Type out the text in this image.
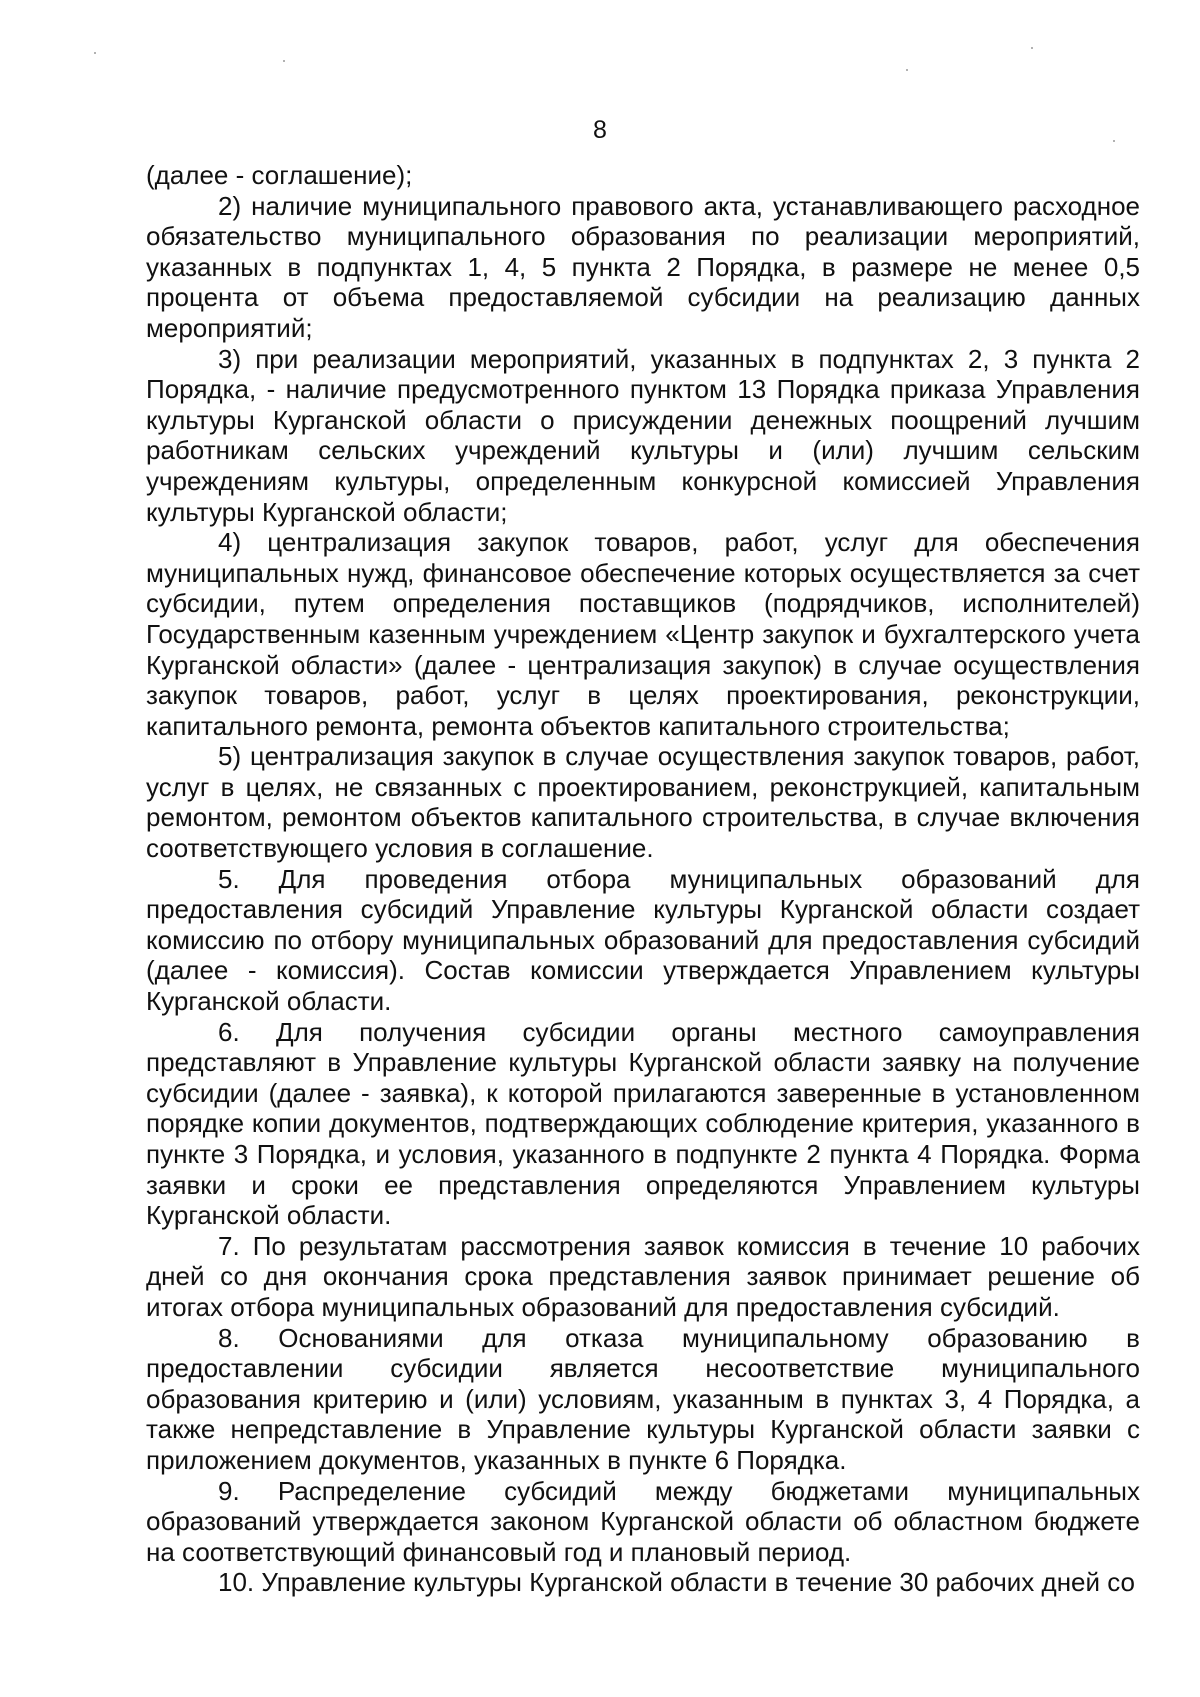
8

(далее - соглашение);

2) наличие муниципального правового акта, устанавливающего расходное обязательство муниципального образования по реализации мероприятий, указанных в подпунктах 1, 4, 5 пункта 2 Порядка, в размере не менее 0,5 процента от объема предоставляемой субсидии на реализацию данных мероприятий;

3) при реализации мероприятий, указанных в подпунктах 2, 3 пункта 2 Порядка, - наличие предусмотренного пунктом 13 Порядка приказа Управления культуры Курганской области о присуждении денежных поощрений лучшим работникам сельских учреждений культуры и (или) лучшим сельским учреждениям культуры, определенным конкурсной комиссией Управления культуры Курганской области;

4) централизация закупок товаров, работ, услуг для обеспечения муниципальных нужд, финансовое обеспечение которых осуществляется за счет субсидии, путем определения поставщиков (подрядчиков, исполнителей) Государственным казенным учреждением «Центр закупок и бухгалтерского учета Курганской области» (далее - централизация закупок) в случае осуществления закупок товаров, работ, услуг в целях проектирования, реконструкции, капитального ремонта, ремонта объектов капитального строительства;

5) централизация закупок в случае осуществления закупок товаров, работ, услуг в целях, не связанных с проектированием, реконструкцией, капитальным ремонтом, ремонтом объектов капитального строительства, в случае включения соответствующего условия в соглашение.

5. Для проведения отбора муниципальных образований для предоставления субсидий Управление культуры Курганской области создает комиссию по отбору муниципальных образований для предоставления субсидий (далее - комиссия). Состав комиссии утверждается Управлением культуры Курганской области.

6. Для получения субсидии органы местного самоуправления представляют в Управление культуры Курганской области заявку на получение субсидии (далее - заявка), к которой прилагаются заверенные в установленном порядке копии документов, подтверждающих соблюдение критерия, указанного в пункте 3 Порядка, и условия, указанного в подпункте 2 пункта 4 Порядка. Форма заявки и сроки ее представления определяются Управлением культуры Курганской области.

7. По результатам рассмотрения заявок комиссия в течение 10 рабочих дней со дня окончания срока представления заявок принимает решение об итогах отбора муниципальных образований для предоставления субсидий.

8. Основаниями для отказа муниципальному образованию в предоставлении субсидии является несоответствие муниципального образования критерию и (или) условиям, указанным в пунктах 3, 4 Порядка, а также непредставление в Управление культуры Курганской области заявки с приложением документов, указанных в пункте 6 Порядка.

9. Распределение субсидий между бюджетами муниципальных образований утверждается законом Курганской области об областном бюджете на соответствующий финансовый год и плановый период.

10. Управление культуры Курганской области в течение 30 рабочих дней со
